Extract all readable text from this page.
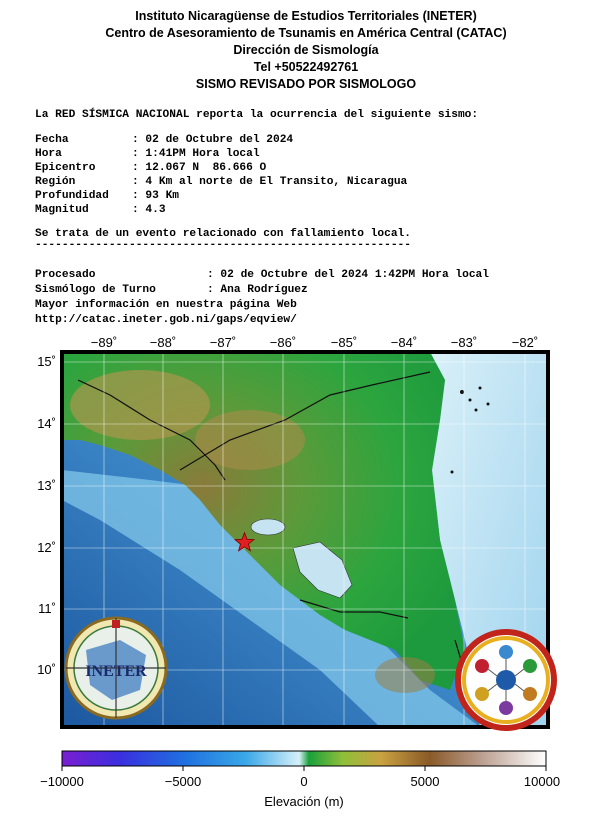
Instituto Nicaragüense de Estudios Territoriales (INETER)
Centro de Asesoramiento de Tsunamis en América Central (CATAC)
Dirección de Sismología
Tel +50522492761
SISMO REVISADO POR SISMOLOGO
La RED SÍSMICA NACIONAL reporta la ocurrencia del siguiente sismo:
Fecha	: 02 de Octubre del 2024
Hora	: 1:41PM Hora local
Epicentro	: 12.067 N  86.666 O
Región	: 4 Km al norte de El Transito, Nicaragua
Profundidad : 93 Km
Magnitud	: 4.3
Se trata de un evento relacionado con fallamiento local.
--------------------------------------------------------
Procesado	: 02 de Octubre del 2024 1:42PM Hora local
Sismólogo de Turno	: Ana Rodríguez
Mayor información en nuestra página Web
http://catac.ineter.gob.ni/gaps/eqview/
−89˚	−88˚	−87˚	−86˚	−85˚	−84˚	−83˚	−82˚
15˚
14˚
13˚
12˚
11˚
10˚ INETER
−10000	−5000	0	5000	10000
Elevación (m)
